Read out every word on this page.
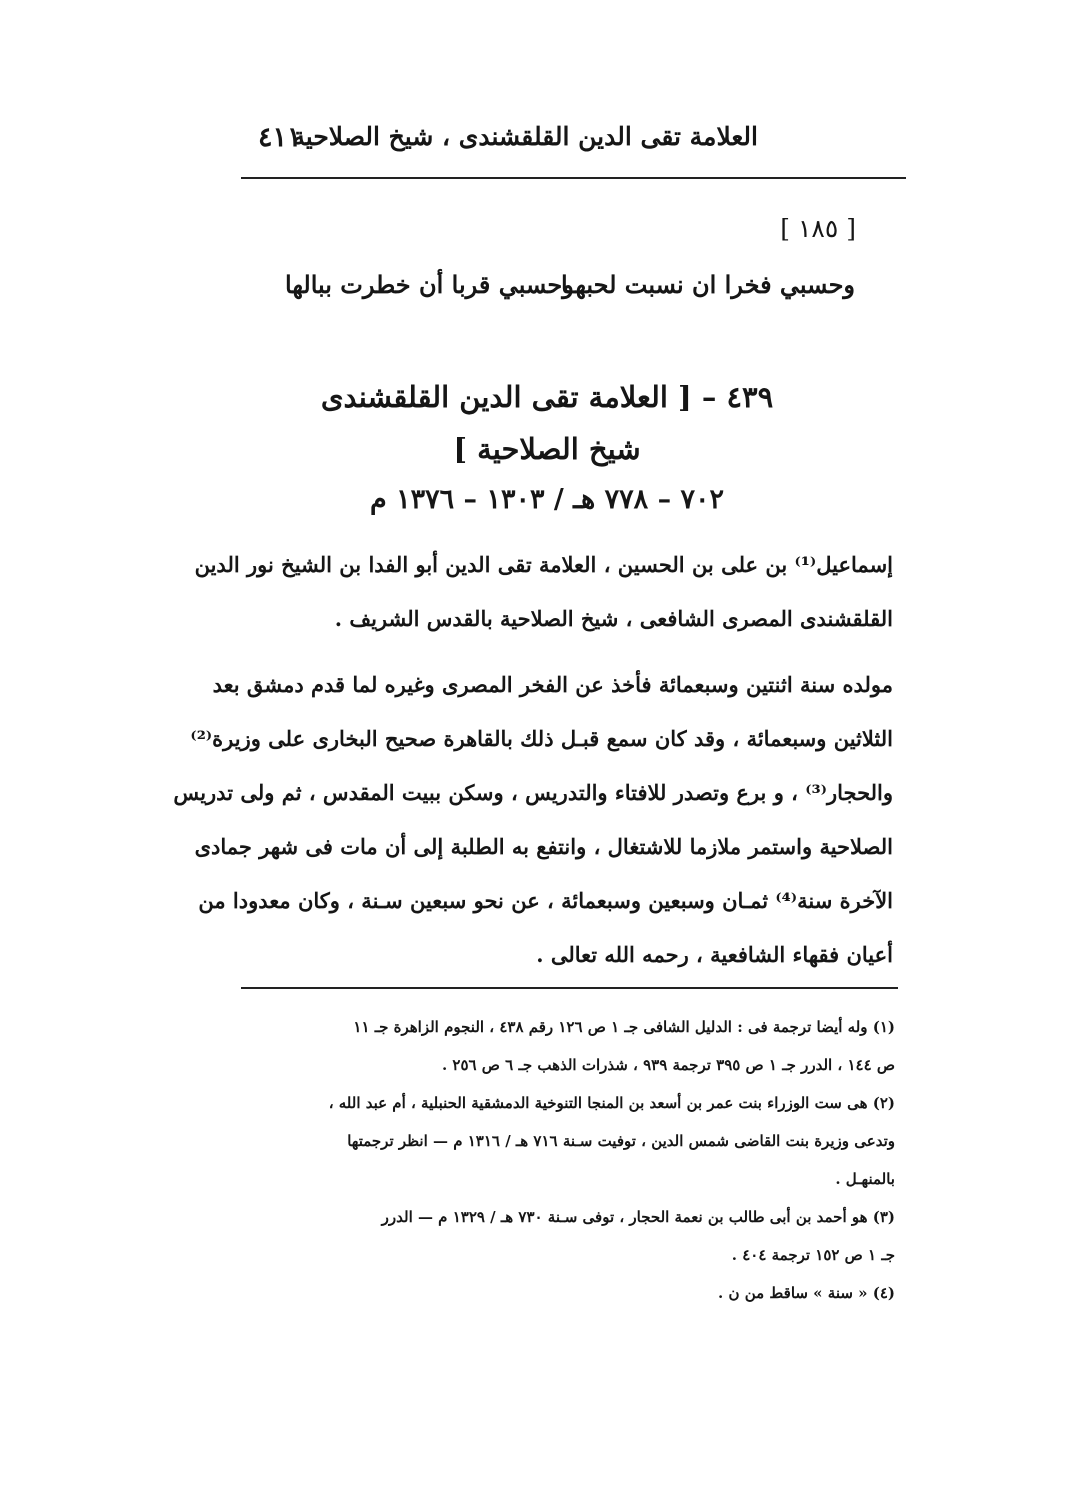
العلامة تقى الدين القلقشندى ، شيخ الصلاحية
٤١١
[ ١٨٥ ]
وحسبي فخرا ان نسبت لحبهـا
وحسبي قربا أن خطرت ببالها
٤٣٩ – [ العلامة تقى الدين القلقشندى
شيخ الصلاحية ]
٧٠٢ – ٧٧٨ هـ / ١٣٠٣ – ١٣٧٦ م
إسماعيل⁽¹⁾ بن على بن الحسين ، العلامة تقى الدين أبو الفدا بن الشيخ نور الدين
القلقشندى المصرى الشافعى ، شيخ الصلاحية بالقدس الشريف .
مولده سنة اثنتين وسبعمائة فأخذ عن الفخر المصرى وغيره لما قدم دمشق بعد
الثلاثين وسبعمائة ، وقد كان سمع قبـل ذلك بالقاهرة صحيح البخارى على وزيرة⁽²⁾
والحجار⁽³⁾ ، و برع وتصدر للافتاء والتدريس ، وسكن ببيت المقدس ، ثم ولى تدريس
الصلاحية واستمر ملازما للاشتغال ، وانتفع به الطلبة إلى أن مات فى شهر جمادى
الآخرة سنة⁽⁴⁾ ثمـان وسبعين وسبعمائة ، عن نحو سبعين سـنة ، وكان معدودا من
أعيان فقهاء الشافعية ، رحمه الله تعالى .
(١) وله أيضا ترجمة فى : الدليل الشافى جـ ١ ص ١٢٦ رقم ٤٣٨ ، النجوم الزاهرة جـ ١١
ص ١٤٤ ، الدرر جـ ١ ص ٣٩٥ ترجمة ٩٣٩ ، شذرات الذهب جـ ٦ ص ٢٥٦ .
(٢) هى ست الوزراء بنت عمر بن أسعد بن المنجا التنوخية الدمشقية الحنبلية ، أم عبد الله ،
وتدعى وزيرة بنت القاضى شمس الدين ، توفيت سـنة ٧١٦ هـ / ١٣١٦ م — انظر ترجمتها
بالمنهـل .
(٣) هو أحمد بن أبى طالب بن نعمة الحجار ، توفى سـنة ٧٣٠ هـ / ١٣٢٩ م — الدرر
جـ ١ ص ١٥٢ ترجمة ٤٠٤ .
(٤) « سنة » ساقط من ن .
